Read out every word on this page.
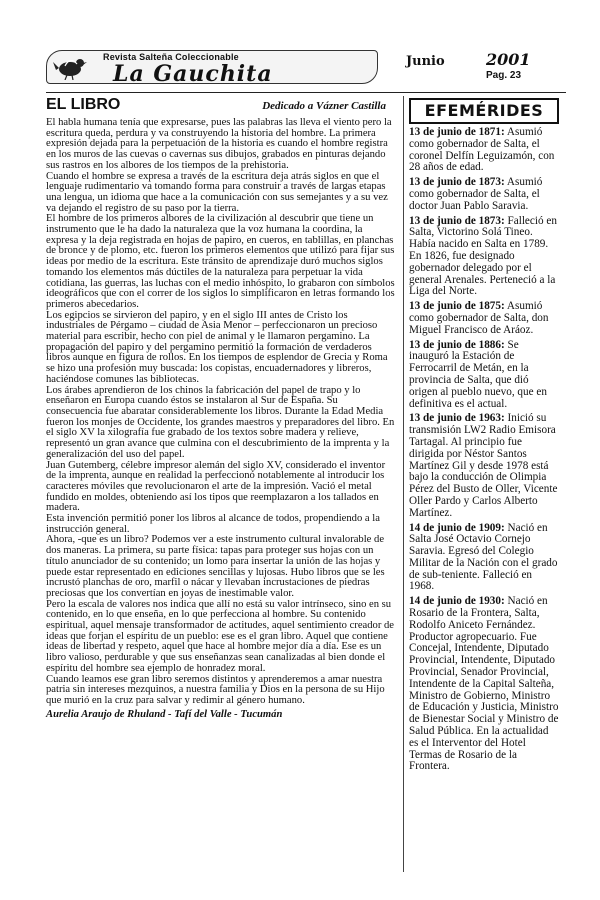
Revista Salteña Coleccionable
La Gauchita	Junio	2001
Pag. 23
EL LIBRO	Dedicado a Vázner Castilla

El habla humana tenía que expresarse, pues las palabras las lleva el viento pero la escritura queda, perdura y va construyendo la historia del hombre. La primera expresión dejada para la perpetuación de la historia es cuando el hombre registra en los muros de las cuevas o cavernas sus dibujos, grabados en pinturas dejando sus rastros en los albores de los tiempos de la prehistoria.

Cuando el hombre se expresa a través de la escritura deja atrás siglos en que el lenguaje rudimentario va tomando forma para construir a través de largas etapas una lengua, un idioma que hace a la comunicación con sus semejantes y a su vez va dejando el registro de su paso por la tierra.

El hombre de los primeros albores de la civilización al descubrir que tiene un instrumento que le ha dado la naturaleza que la voz humana la coordina, la expresa y la deja registrada en hojas de papiro, en cueros, en tablillas, en planchas de bronce y de plomo, etc. fueron los primeros elementos que utilizó para fijar sus ideas por medio de la escritura. Este tránsito de aprendizaje duró muchos siglos tomando los elementos más dúctiles de la naturaleza para perpetuar la vida cotidiana, las guerras, las luchas con el medio inhóspito, lo grabaron con símbolos ideográficos que con el correr de los siglos lo simplificaron en letras formando los primeros abecedarios.

Los egipcios se sirvieron del papiro, y en el siglo III antes de Cristo los industriales de Pérgamo – ciudad de Asia Menor – perfeccionaron un precioso material para escribir, hecho con piel de animal y le llamaron pergamino. La propagación del papiro y del pergamino permitió la formación de verdaderos libros aunque en figura de rollos. En los tiempos de esplendor de Grecia y Roma se hizo una profesión muy buscada: los copistas, encuadernadores y libreros, haciéndose comunes las bibliotecas.

Los árabes aprendieron de los chinos la fabricación del papel de trapo y lo enseñaron en Europa cuando éstos se instalaron al Sur de España. Su consecuencia fue abaratar considerablemente los libros. Durante la Edad Media fueron los monjes de Occidente, los grandes maestros y preparadores del libro. En el siglo XV la xilografía fue grabado de los textos sobre madera y relieve, representó un gran avance que culmina con el descubrimiento de la imprenta y la generalización del uso del papel.

Juan Gutemberg, célebre impresor alemán del siglo XV, considerado el inventor de la imprenta, aunque en realidad la perfeccionó notablemente al introducir los caracteres móviles que revolucionaron el arte de la impresión. Vació el metal fundido en moldes, obteniendo así los tipos que reemplazaron a los tallados en madera.

Esta invención permitió poner los libros al alcance de todos, propendiendo a la instrucción general.

Ahora, -que es un libro? Podemos ver a este instrumento cultural invalorable de dos maneras. La primera, su parte física: tapas para proteger sus hojas con un título anunciador de su contenido; un lomo para insertar la unión de las hojas y puede estar representado en ediciones sencillas y lujosas. Hubo libros que se les incrustó planchas de oro, marfil o nácar y llevaban incrustaciones de piedras preciosas que los convertían en joyas de inestimable valor.

Pero la escala de valores nos indica que allí no está su valor intrínseco, sino en su contenido, en lo que enseña, en lo que perfecciona al hombre. Su contenido espiritual, aquel mensaje transformador de actitudes, aquel sentimiento creador de ideas que forjan el espíritu de un pueblo: ese es el gran libro. Aquel que contiene ideas de libertad y respeto, aquel que hace al hombre mejor día a día. Ese es un libro valioso, perdurable y que sus enseñanzas sean canalizadas al bien donde el espíritu del hombre sea ejemplo de honradez moral.

Cuando leamos ese gran libro seremos distintos y aprenderemos a amar nuestra patria sin intereses mezquinos, a nuestra familia y Dios en la persona de su Hijo que murió en la cruz para salvar y redimir al género humano.

Aurelia Araujo de Rhuland - Tafí del Valle - Tucumán
EFEMÉRIDES

13 de junio de 1871: Asumió como gobernador de Salta, el coronel Delfín Leguizamón, con 28 años de edad.

13 de junio de 1873: Asumió como gobernador de Salta, el doctor Juan Pablo Saravia.

13 de junio de 1873: Falleció en Salta, Victorino Solá Tineo. Había nacido en Salta en 1789. En 1826, fue designado gobernador delegado por el general Arenales. Perteneció a la Liga del Norte.

13 de junio de 1875: Asumió como gobernador de Salta, don Miguel Francisco de Aráoz.

13 de junio de 1886: Se inauguró la Estación de Ferrocarril de Metán, en la provincia de Salta, que dió origen al pueblo nuevo, que en definitiva es el actual.

13 de junio de 1963: Inició su transmisión LW2 Radio Emisora Tartagal. Al principio fue dirigida por Néstor Santos Martínez Gil y desde 1978 está bajo la conducción de Olimpia Pérez del Busto de Oller, Vicente Oller Pardo y Carlos Alberto Martínez.

14 de junio de 1909: Nació en Salta José Octavio Cornejo Saravia. Egresó del Colegio Militar de la Nación con el grado de sub-teniente. Falleció en 1968.

14 de junio de 1930: Nació en Rosario de la Frontera, Salta, Rodolfo Aniceto Fernández. Productor agropecuario. Fue Concejal, Intendente, Diputado Provincial, Intendente, Diputado Provincial, Senador Provincial, Intendente de la Capital Salteña, Ministro de Gobierno, Ministro de Educación y Justicia, Ministro de Bienestar Social y Ministro de Salud Pública. En la actualidad es el Interventor del Hotel Termas de Rosario de la Frontera.
